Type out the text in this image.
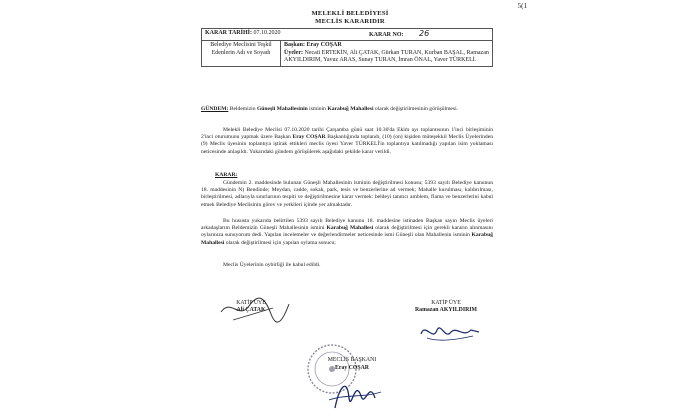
5(1
MELEKLİ BELEDİYESİ
MECLİS KARARIDIR
KARAR TARİHİ: 07.10.2020	KARAR NO: 26

Belediye Meclisini Teşkil Edenlerin Adı ve Soyadı	Başkan: Eray COŞAR
Üyeler: Necati ERTEKİN, Ali ÇATAK, Gürkan TURAN, Kurban BAŞAL, Ramazan AKYILDIRIM, Yavuz ARAS, Sunay TURAN, İmran ÖNAL, Yaver TÜRKELİ.
GÜNDEM: Beldemizin Güneşli Mahallesinin isminin Karabuğ Mahallesi olarak değiştirilmesinin görüşülmesi.
Melekli Belediye Meclisi 07.10.2020 tarihi Çarşamba günü saat 10.30'da Ekim ayı toplantısının 1'inci birleşiminin 2'inci oturumunu yapmak üzere Başkan Eray COŞAR Başkanlığında toplandı, (10) (on) kişiden müteşekkil Meclis Üyelerinden (9) Meclis üyesinin toplantıya iştirak ettikleri meclis üyesi Yaver TÜRKELİ'in toplantıya katılmadığı yapılan isim yoklaması neticesinde anlaşıldı. Yukarıdaki gündem görüşülerek aşağıdaki şekilde karar verildi.
KARAR:
Gündemin 2. maddesinde bulunan Güneşli Mahallesinin isminin değiştirilmesi konusu; 5393 sayılı Belediye kanunun 18. maddesinin N) Bendinde; Meydan, cadde, sokak, park, tesis ve benzerlerine ad vermek; Mahalle kurulması, kaldırılması, birleştirilmesi, adlarıyla sınırlarının tespiti ve değiştirilmesine karar vermek: beldeyi tanıtıcı amblem, flama ve benzerlerini kabul etmek Belediye Meclisinin görev ve yetkileri içinde yer almaktadır.
Bu hususta yukarıda belirtilen 5393 sayılı Belediye kanunu 18. maddesine istinaden Başkan sayın Meclis üyeleri arkadaşlarım Beldemizin Güneşli Mahallesinin ismini Karabuğ Mahallesi olarak değiştirilmesi için gerekli kararın alınmasını oylarınıza sunuyorum dedi. Yapılan incelemeler ve değerlendirmeler neticesinde ismi Güneşli olan Mahallenin isminin Karabuğ Mahallesi olarak değiştirilmesi için yapılan oylama sonucu;
Meclis Üyelerinin oybirliği ile kabul edildi.
KATİP ÜYE
Ali ÇATAK
KATİP ÜYE
Ramazan AKYILDIRIM
MECLİS BAŞKANI
Eray COŞAR
